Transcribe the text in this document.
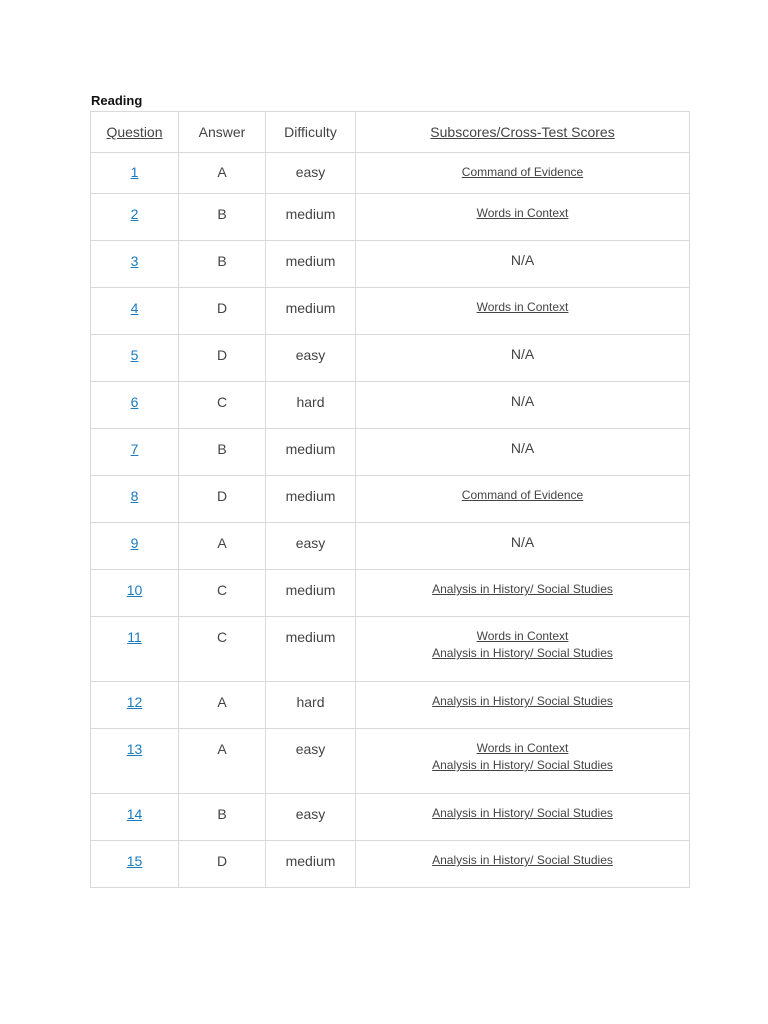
Reading
Question	Answer	Difficulty	Subscores/Cross-Test Scores

1	A	easy	Command of Evidence

2	B	medium	Words in Context

3	B	medium	N/A

4	D	medium	Words in Context

5	D	easy	N/A

6	C	hard	N/A

7	B	medium	N/A

8	D	medium	Command of Evidence

9	A	easy	N/A

10	C	medium	Analysis in History/ Social Studies

11	C	medium	Words in Context
Analysis in History/ Social Studies

12	A	hard	Analysis in History/ Social Studies

13	A	easy	Words in Context
Analysis in History/ Social Studies

14	B	easy	Analysis in History/ Social Studies

15	D	medium	Analysis in History/ Social Studies
